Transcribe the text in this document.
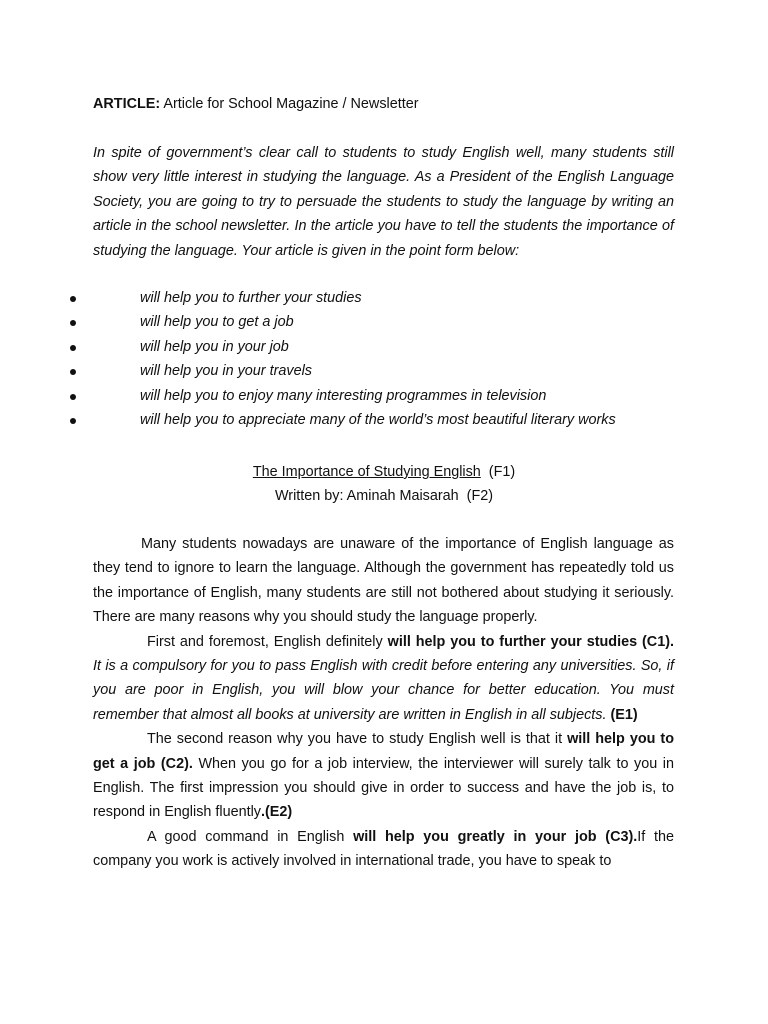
ARTICLE: Article for School Magazine / Newsletter
In spite of government’s clear call to students to study English well, many students still show very little interest in studying the language. As a President of the English Language Society, you are going to try to persuade the students to study the language by writing an article in the school newsletter. In the article you have to tell the students the importance of studying the language. Your article is given in the point form below:
will help you to further your studies
will help you to get a job
will help you in your job
will help you in your travels
will help you to enjoy many interesting programmes in television
will help you to appreciate many of the world’s most beautiful literary works
The Importance of Studying English (F1)
Written by: Aminah Maisarah (F2)

Many students nowadays are unaware of the importance of English language as they tend to ignore to learn the language. Although the government has repeatedly told us the importance of English, many students are still not bothered about studying it seriously. There are many reasons why you should study the language properly.

First and foremost, English definitely will help you to further your studies (C1). It is a compulsory for you to pass English with credit before entering any universities. So, if you are poor in English, you will blow your chance for better education. You must remember that almost all books at university are written in English in all subjects. (E1)

The second reason why you have to study English well is that it will help you to get a job (C2). When you go for a job interview, the interviewer will surely talk to you in English. The first impression you should give in order to success and have the job is, to respond in English fluently.(E2)

A good command in English will help you greatly in your job (C3).If the company you work is actively involved in international trade, you have to speak to
